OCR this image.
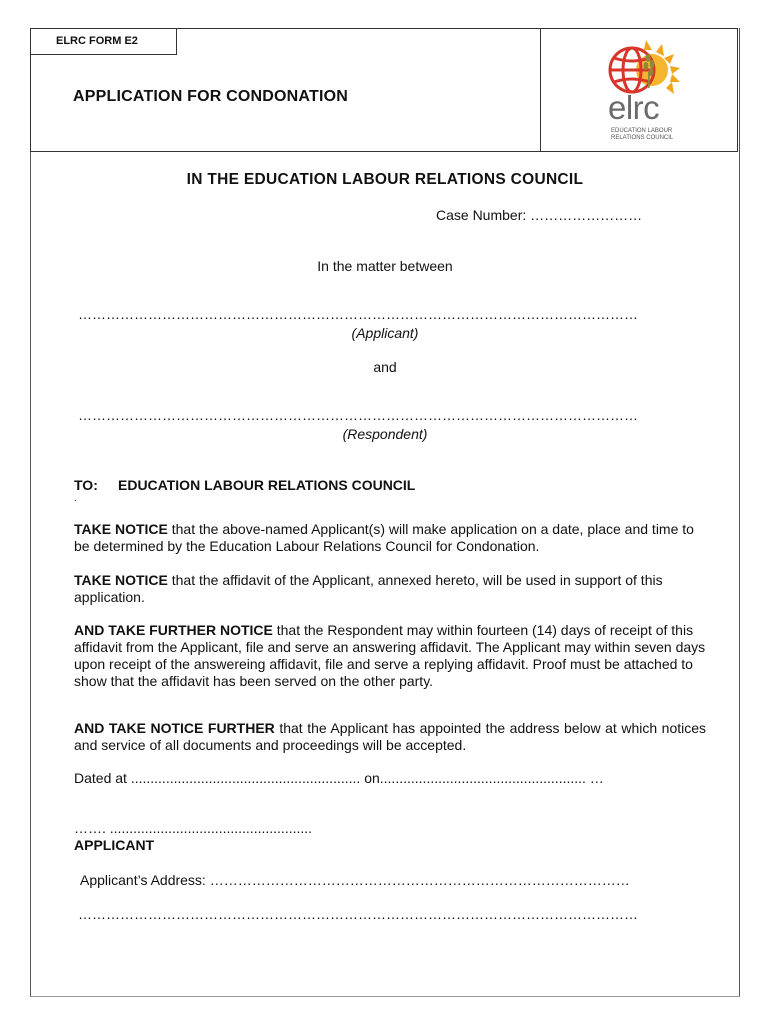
ELRC FORM E2
APPLICATION FOR CONDONATION	elrc
EDUCATION LABOUR
RELATIONS COUNCIL
IN THE EDUCATION LABOUR RELATIONS COUNCIL
Case Number: ……………………
In the matter between
…………………………………………………………………………………………………………
(Applicant)
and
…………………………………………………………………………………………………………
(Respondent)
TO: EDUCATION LABOUR RELATIONS COUNCIL
.
TAKE NOTICE that the above-named Applicant(s) will make application on a date, place and time to be determined by the Education Labour Relations Council for Condonation.
TAKE NOTICE that the affidavit of the Applicant, annexed hereto, will be used in support of this application.
AND TAKE FURTHER NOTICE that the Respondent may within fourteen (14) days of receipt of this affidavit from the Applicant, file and serve an answering affidavit. The Applicant may within seven days upon receipt of the answereing affidavit, file and serve a replying affidavit. Proof must be attached to show that the affidavit has been served on the other party.
AND TAKE NOTICE FURTHER that the Applicant has appointed the address below at which notices and service of all documents and proceedings will be accepted.
Dated at ........................................................... on..................................................... …
……. ....................................................
APPLICANT
Applicant’s Address: ………………………………………………………………………………
…………………………………………………………………………………………………………
